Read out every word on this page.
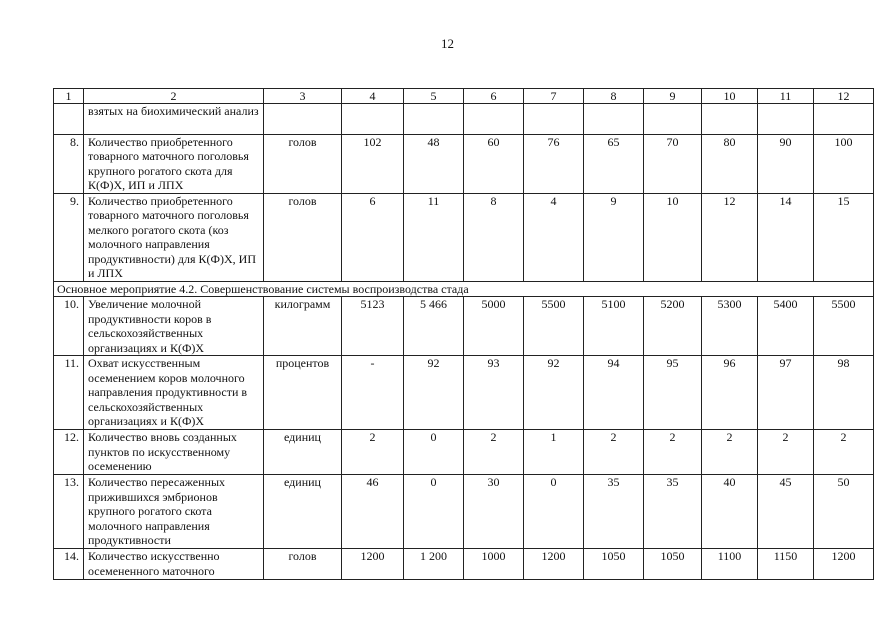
12
1	2	3	4	5	6	7	8	9	10	11	12
	взятых на биохимический анализ										
8.	Количество приобретенного товарного маточного поголовья крупного рогатого скота для К(Ф)Х, ИП и ЛПХ	голов	102	48	60	76	65	70	80	90	100
9.	Количество приобретенного товарного маточного поголовья мелкого рогатого скота (коз молочного направления продуктивности) для К(Ф)Х, ИП и ЛПХ	голов	6	11	8	4	9	10	12	14	15
Основное мероприятие 4.2. Совершенствование системы воспроизводства стада											
10.	Увеличение молочной продуктивности коров в сельскохозяйственных организациях и К(Ф)Х	килограмм	5123	5 466	5000	5500	5100	5200	5300	5400	5500
11.	Охват искусственным осеменением коров молочного направления продуктивности в сельскохозяйственных организациях и К(Ф)Х	процентов	-	92	93	92	94	95	96	97	98
12.	Количество вновь созданных пунктов по искусственному осеменению	единиц	2	0	2	1	2	2	2	2	2
13.	Количество пересаженных прижившихся эмбрионов крупного рогатого скота молочного направления продуктивности	единиц	46	0	30	0	35	35	40	45	50
14.	Количество искусственно осемененного маточного	голов	1200	1 200	1000	1200	1050	1050	1100	1150	1200
